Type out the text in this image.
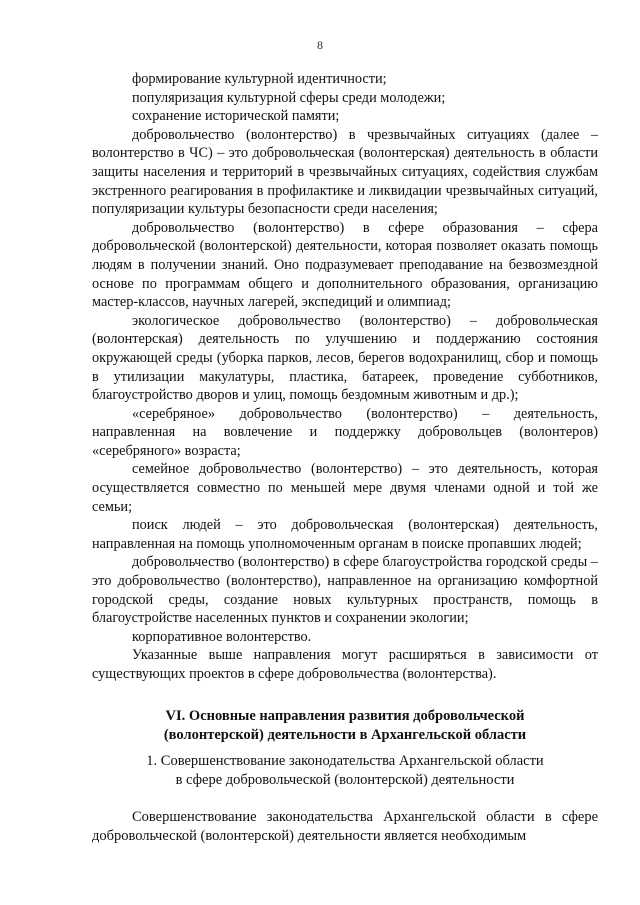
8

формирование культурной идентичности;

популяризация культурной сферы среди молодежи;

сохранение исторической памяти;

добровольчество (волонтерство) в чрезвычайных ситуациях (далее – волонтерство в ЧС) – это добровольческая (волонтерская) деятельность в области защиты населения и территорий в чрезвычайных ситуациях, содействия службам экстренного реагирования в профилактике и ликвидации чрезвычайных ситуаций, популяризации культуры безопасности среди населения;

добровольчество (волонтерство) в сфере образования – сфера добровольческой (волонтерской) деятельности, которая позволяет оказать помощь людям в получении знаний. Оно подразумевает преподавание на безвозмездной основе по программам общего и дополнительного образования, организацию мастер-классов, научных лагерей, экспедиций и олимпиад;

экологическое добровольчество (волонтерство) – добровольческая (волонтерская) деятельность по улучшению и поддержанию состояния окружающей среды (уборка парков, лесов, берегов водохранилищ, сбор и помощь в утилизации макулатуры, пластика, батареек, проведение субботников, благоустройство дворов и улиц, помощь бездомным животным и др.);

«серебряное» добровольчество (волонтерство) – деятельность, направленная на вовлечение и поддержку добровольцев (волонтеров) «серебряного» возраста;

семейное добровольчество (волонтерство) – это деятельность, которая осуществляется совместно по меньшей мере двумя членами одной и той же семьи;

поиск людей – это добровольческая (волонтерская) деятельность, направленная на помощь уполномоченным органам в поиске пропавших людей;

добровольчество (волонтерство) в сфере благоустройства городской среды – это добровольчество (волонтерство), направленное на организацию комфортной городской среды, создание новых культурных пространств, помощь в благоустройстве населенных пунктов и сохранении экологии;

корпоративное волонтерство.

Указанные выше направления могут расширяться в зависимости от существующих проектов в сфере добровольчества (волонтерства).

VI. Основные направления развития добровольческой
(волонтерской) деятельности в Архангельской области
1. Совершенствование законодательства Архангельской области
в сфере добровольческой (волонтерской) деятельности

Совершенствование законодательства Архангельской области в сфере добровольческой (волонтерской) деятельности является необходимым
